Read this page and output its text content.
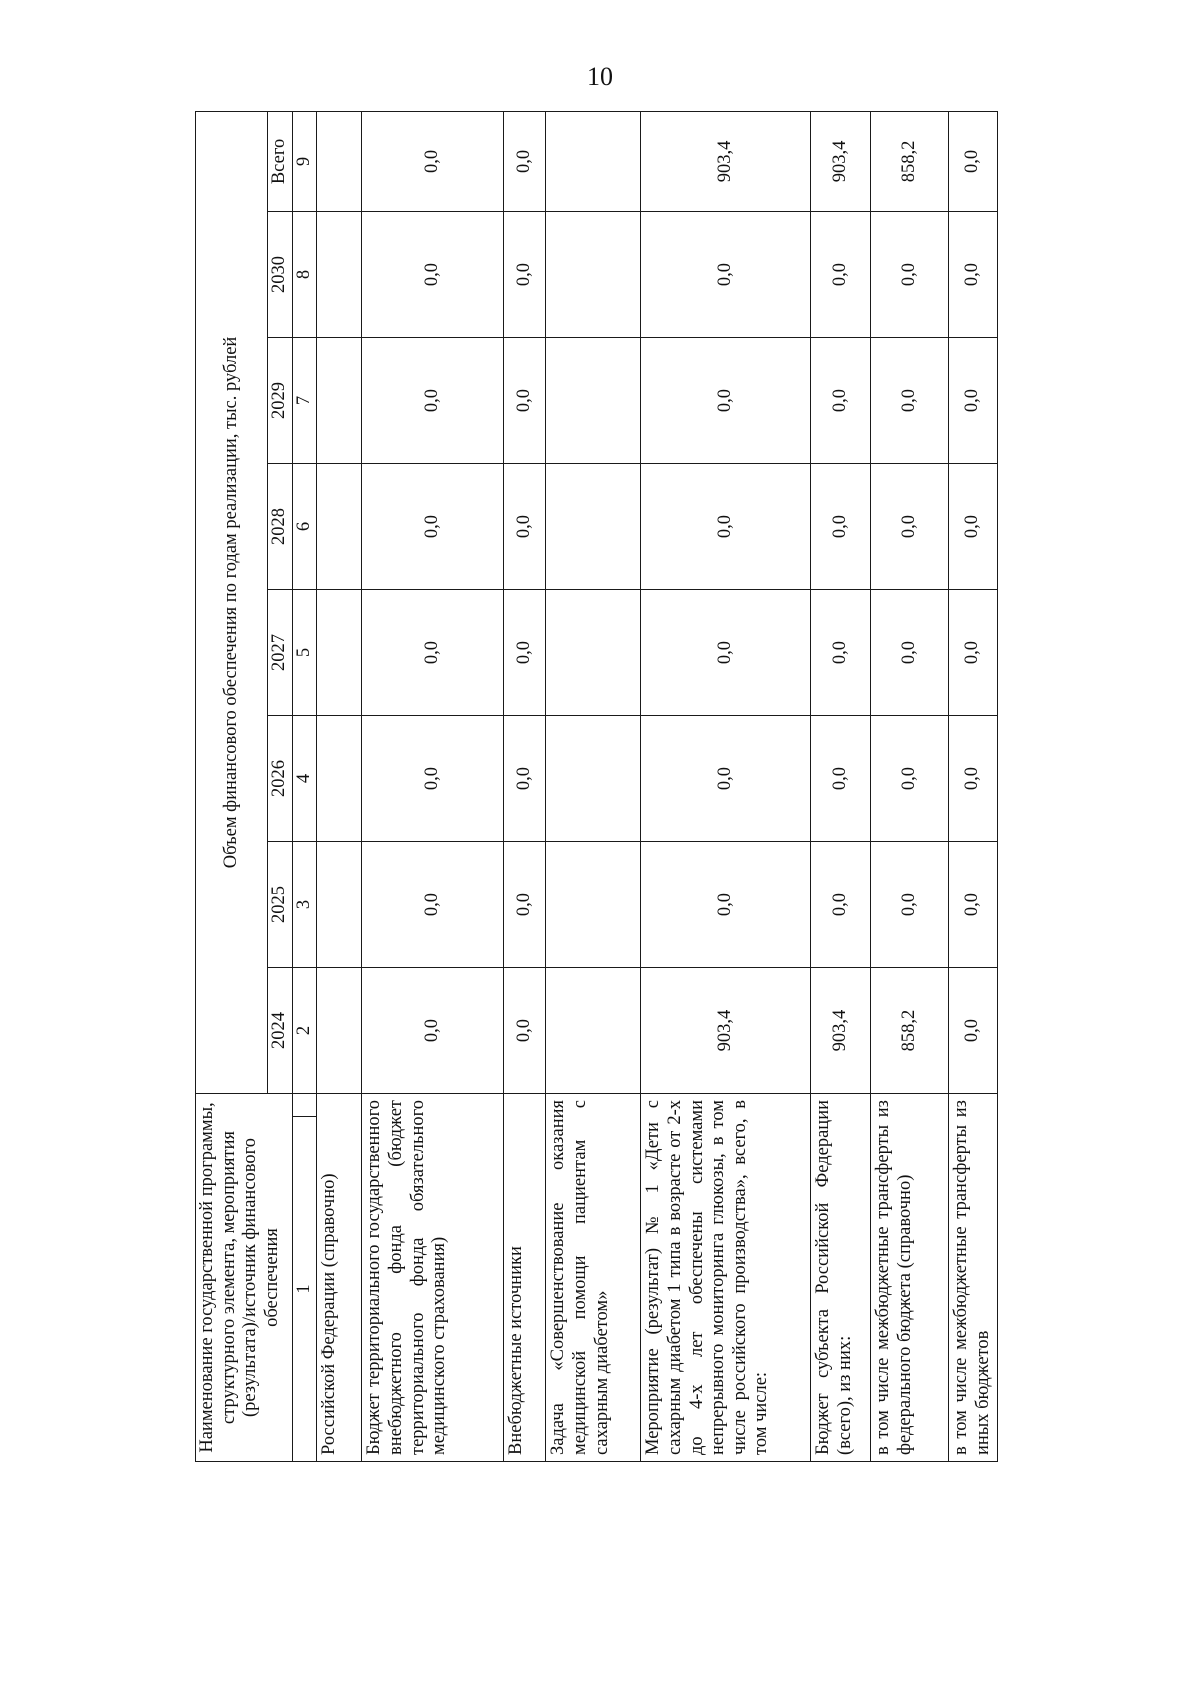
10
Наименование государственной программы, структурного элемента, мероприятия (результата)/источник финансового обеспечения		Объем финансового обеспечения по годам реализации, тыс. рублей							
		2024	2025	2026	2027	2028	2029	2030	Всего
1		2	3	4	5	6	7	8	9
Российской Федерации (справочно)									
Бюджет территориального государственного внебюджетного фонда (бюджет территориального фонда обязательного медицинского страхования)		0,0	0,0	0,0	0,0	0,0	0,0	0,0	0,0
Внебюджетные источники		0,0	0,0	0,0	0,0	0,0	0,0	0,0	0,0
Задача «Совершенствование оказания медицинской помощи пациентам с сахарным диабетом»									
Мероприятие (результат) № 1 «Дети с сахарным диабетом 1 типа в возрасте от 2-х до 4-х лет обеспечены системами непрерывного мониторинга глюкозы, в том числе российского производства», всего, в том числе:		903,4	0,0	0,0	0,0	0,0	0,0	0,0	903,4
Бюджет субъекта Российской Федерации (всего), из них:		903,4	0,0	0,0	0,0	0,0	0,0	0,0	903,4
в том числе межбюджетные трансферты из федерального бюджета (справочно)		858,2	0,0	0,0	0,0	0,0	0,0	0,0	858,2
в том числе межбюджетные трансферты из иных бюджетов		0,0	0,0	0,0	0,0	0,0	0,0	0,0	0,0
